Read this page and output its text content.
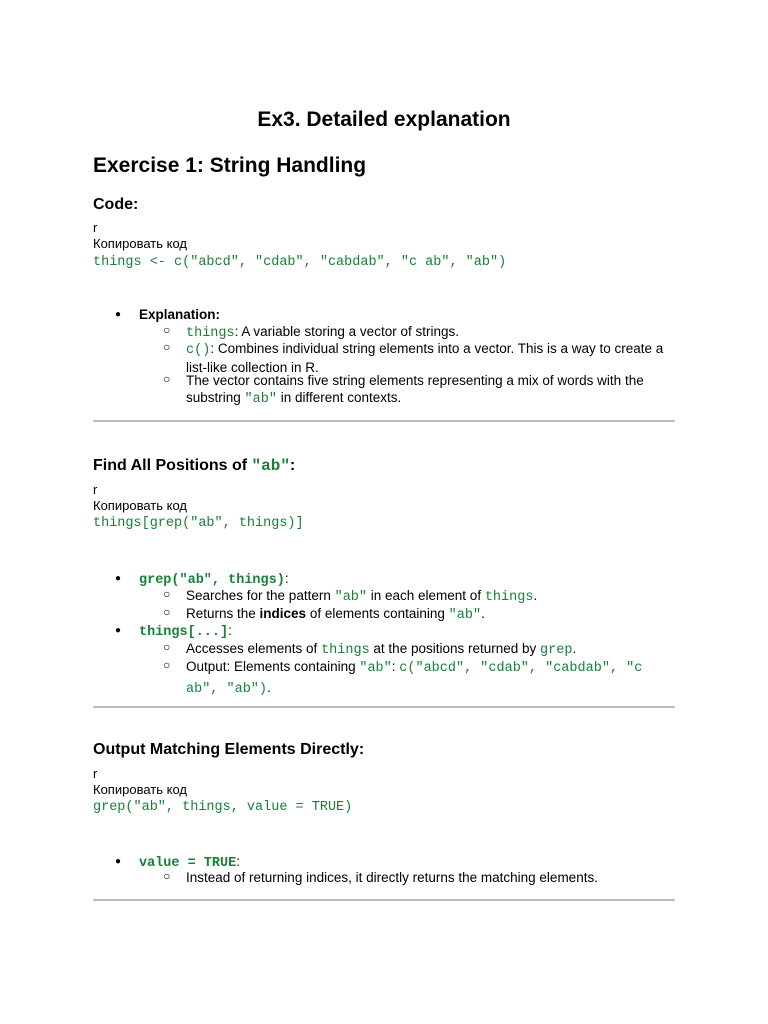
Ex3. Detailed explanation
Exercise 1: String Handling
Code:
r
Копировать код
things <- c("abcd", "cdab", "cabdab", "c ab", "ab")
● Explanation:
○ things: A variable storing a vector of strings.
○ c(): Combines individual string elements into a vector. This is a way to create a list-like collection in R.
○ The vector contains five string elements representing a mix of words with the substring "ab" in different contexts.
Find All Positions of "ab":
r
Копировать код
things[grep("ab", things)]
● grep("ab", things):
○ Searches for the pattern "ab" in each element of things.
○ Returns the indices of elements containing "ab".
● things[...]:
○ Accesses elements of things at the positions returned by grep.
○ Output: Elements containing "ab": c("abcd", "cdab", "cabdab", "c ab", "ab").
Output Matching Elements Directly:
r
Копировать код
grep("ab", things, value = TRUE)
● value = TRUE:
○ Instead of returning indices, it directly returns the matching elements.
